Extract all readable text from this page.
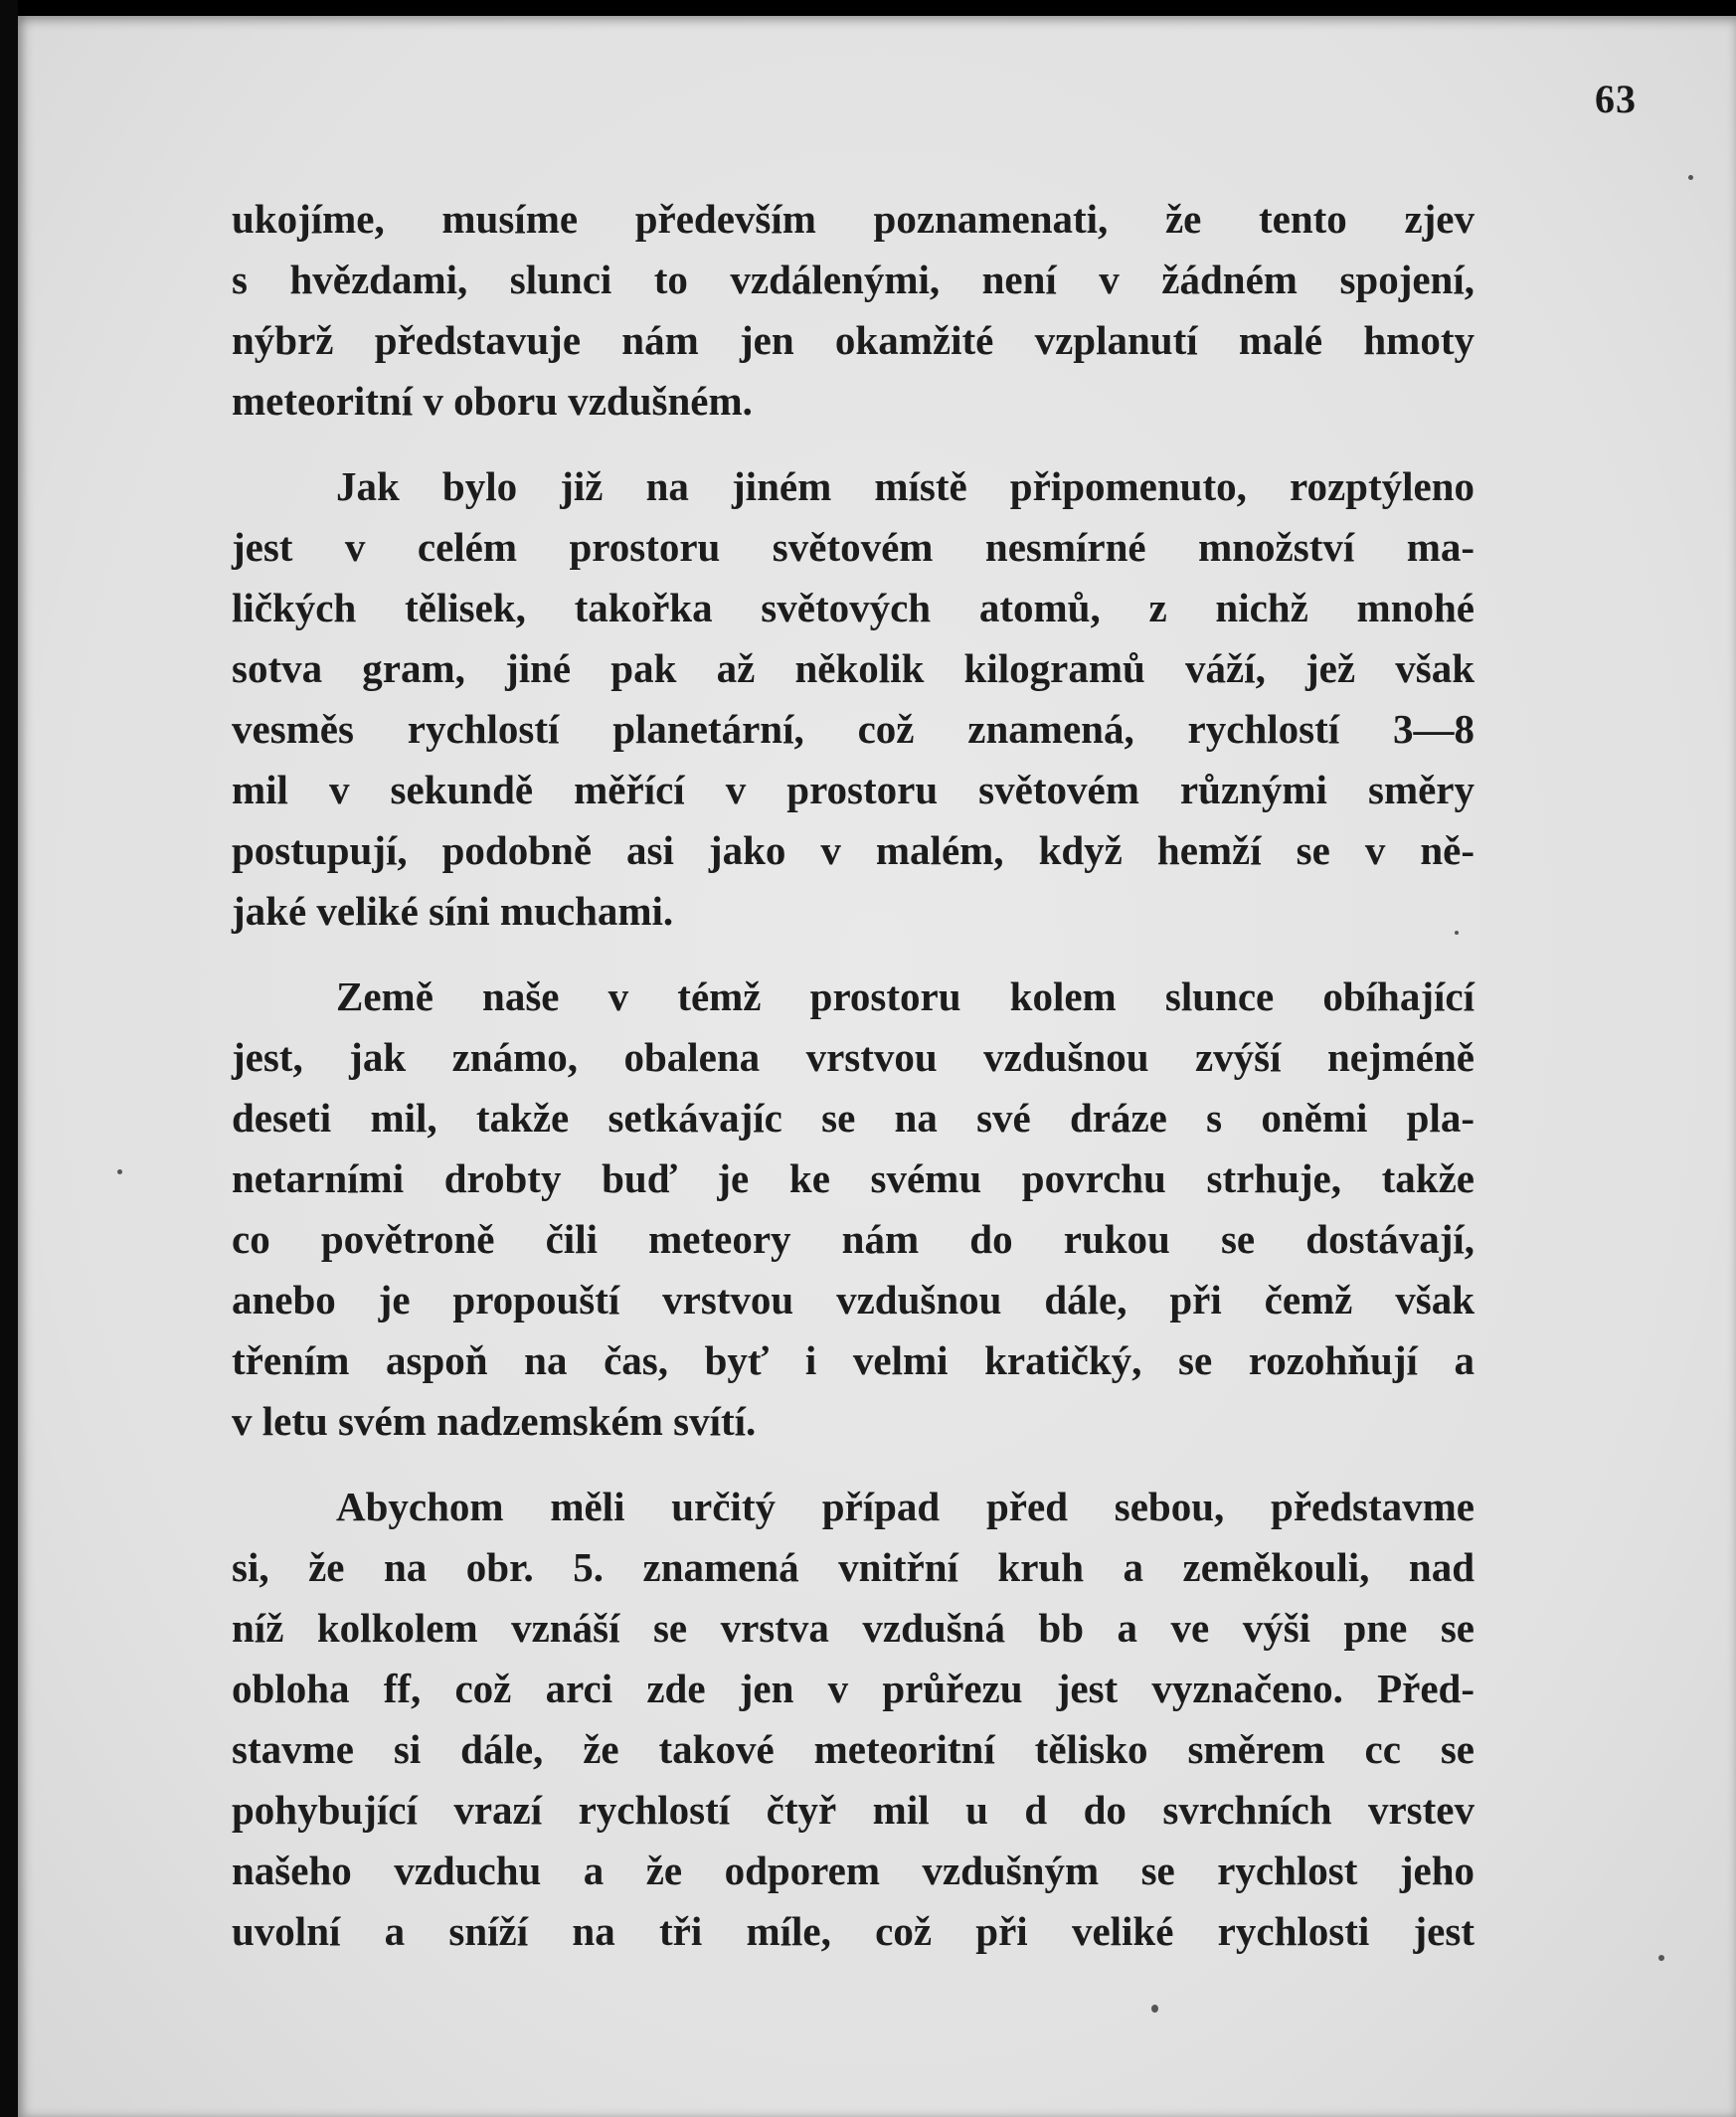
63
ukojíme, musíme především poznamenati, že tento zjev
s hvězdami, slunci to vzdálenými, není v žádném spojení,
nýbrž představuje nám jen okamžité vzplanutí malé hmoty
meteoritní v oboru vzdušném.
Jak bylo již na jiném místě připomenuto, rozptýleno
jest v celém prostoru světovém nesmírné množství ma-
ličkých tělisek, takořka světových atomů, z nichž mnohé
sotva gram, jiné pak až několik kilogramů váží, jež však
vesměs rychlostí planetární, což znamená, rychlostí 3—8
mil v sekundě měřící v prostoru světovém různými směry
postupují, podobně asi jako v malém, když hemží se v ně-
jaké veliké síni muchami.
Země naše v témž prostoru kolem slunce obíhající
jest, jak známo, obalena vrstvou vzdušnou zvýší nejméně
deseti mil, takže setkávajíc se na své dráze s oněmi pla-
netarními drobty buď je ke svému povrchu strhuje, takže
co povětroně čili meteory nám do rukou se dostávají,
anebo je propouští vrstvou vzdušnou dále, při čemž však
třením aspoň na čas, byť i velmi kratičký, se rozohňují a
v letu svém nadzemském svítí.
Abychom měli určitý případ před sebou, představme
si, že na obr. 5. znamená vnitřní kruh a zeměkouli, nad
níž kolkolem vznáší se vrstva vzdušná bb a ve výši pne se
obloha ff, což arci zde jen v průřezu jest vyznačeno. Před-
stavme si dále, že takové meteoritní tělisko směrem cc se
pohybující vrazí rychlostí čtyř mil u d do svrchních vrstev
našeho vzduchu a že odporem vzdušným se rychlost jeho
uvolní a sníží na tři míle, což při veliké rychlosti jest
